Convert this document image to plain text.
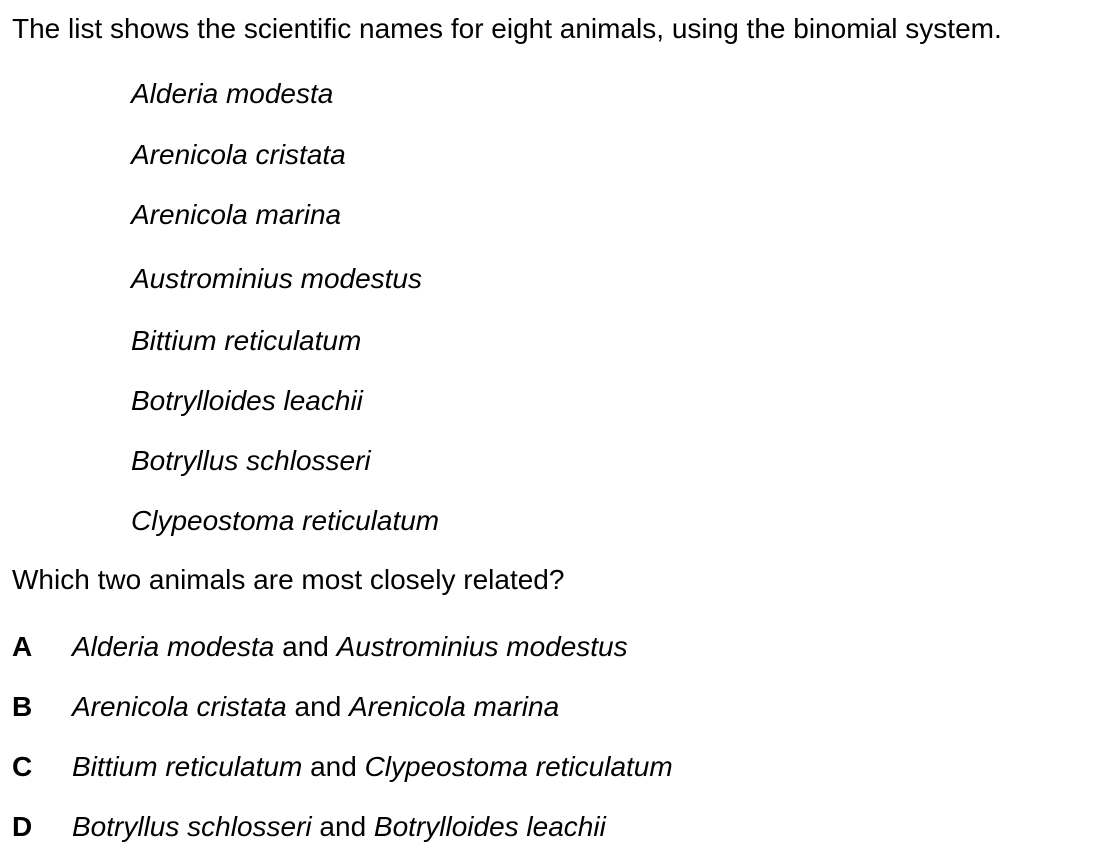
The list shows the scientific names for eight animals, using the binomial system.
Alderia modesta
Arenicola cristata
Arenicola marina
Austrominius modestus
Bittium reticulatum
Botrylloides leachii
Botryllus schlosseri
Clypeostoma reticulatum
Which two animals are most closely related?
A Alderia modesta and Austrominius modestus
B Arenicola cristata and Arenicola marina
C Bittium reticulatum and Clypeostoma reticulatum
D Botryllus schlosseri and Botrylloides leachii
